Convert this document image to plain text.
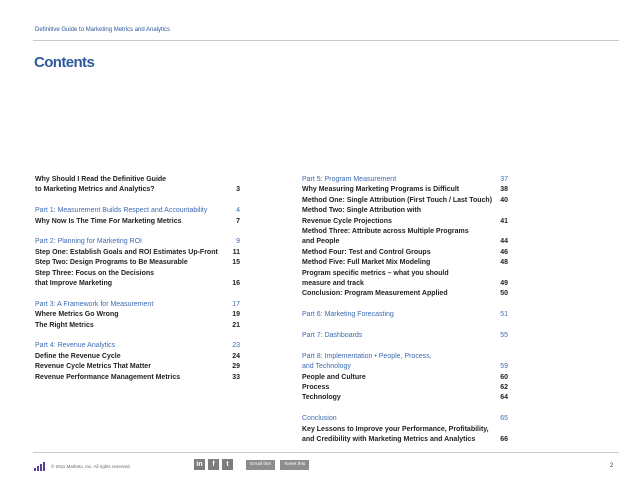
Definitive Guide to Marketing Metrics and Analytics
Contents
Why Should I Read the Definitive Guide
to Marketing Metrics and Analytics?	3
Part 1: Measurement Builds Respect and Accountability	4
Why Now Is The Time For Marketing Metrics	7
Part 2: Planning for Marketing ROI	9
Step One: Establish Goals and ROI Estimates Up-Front	11
Step Two: Design Programs to Be Measurable	15
Step Three: Focus on the Decisions
that Improve Marketing	16
Part 3: A Framework for Measurement	17
Where Metrics Go Wrong	19
The Right Metrics	21
Part 4: Revenue Analytics	23
Define the Revenue Cycle	24
Revenue Cycle Metrics That Matter	29
Revenue Performance Management Metrics	33
Part 5: Program Measurement	37
Why Measuring Marketing Programs is Difficult	38
Method One: Single Attribution (First Touch / Last Touch)	40
Method Two: Single Attribution with
Revenue Cycle Projections	41
Method Three: Attribute across Multiple Programs
and People	44
Method Four: Test and Control Groups	46
Method Five: Full Market Mix Modeling	48
Program specific metrics – what you should
measure and track	49
Conclusion: Program Measurement Applied	50
Part 6: Marketing Forecasting	51
Part 7: Dashboards	55
Part 8: Implementation • People, Process,
and Technology	59
People and Culture	60
Process	62
Technology	64
Conclusion	65
Key Lessons to Improve your Performance, Profitability,
and Credibility with Marketing Metrics and Analytics	66
© 2011 Marketo, Inc. All rights reserved.	in	f	t	Email this	Tweet this	2
